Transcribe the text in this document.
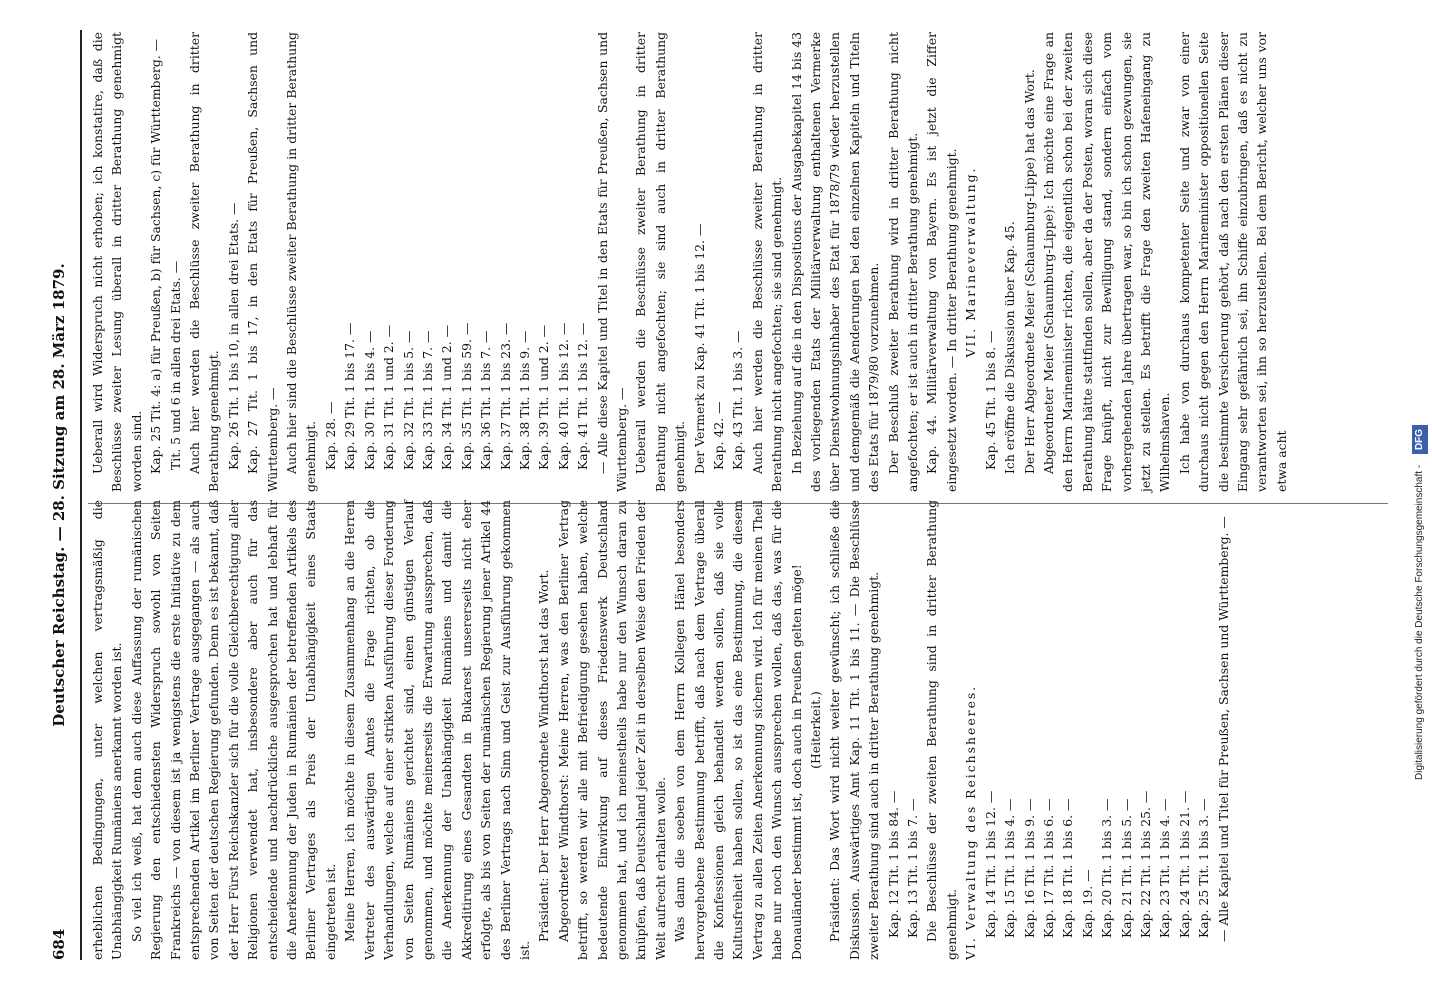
684
Deutscher Reichstag. — 28. Sitzung am 28. März 1879.

erheblichen Bedingungen, unter welchen vertragsmäßig die Unabhängigkeit Rumäniens anerkannt worden ist. So viel ich weiß, hat denn auch diese Auffassung der rumänischen Regierung den entschiedensten Widerspruch sowohl von Seiten Frankreichs — von diesem ist ja wenigstens die erste Initiative zu dem entsprechenden Artikel im Berliner Vertrage ausgegangen — als auch von Seiten der deutschen Regierung gefunden. Denn es ist bekannt, daß der Herr Fürst Reichskanzler sich für die volle Gleichberechtigung aller Religionen verwendet hat, insbesondere aber auch für das entscheidende und nachdrückliche ausgesprochen hat und lebhaft für die Anerkennung der Juden in Rumänien der betreffenden Artikels des Berliner Vertrages als Preis der Unabhängigkeit eines Staats eingetreten ist. Meine Herren, ich möchte in diesem Zusammenhang an die Herren Vertreter des auswärtigen Amtes die Frage richten, ob die Verhandlungen, welche auf einer strikten Ausführung dieser Forderung von Seiten Rumäniens gerichtet sind, einen günstigen Verlauf genommen, und möchte meinerseits die Erwartung aussprechen, daß die Anerkennung der Unabhängigkeit Rumäniens und damit die Akkreditirung eines Gesandten in Bukarest unsererseits nicht eher erfolgte, als bis von Seiten der rumänischen Regierung jener Artikel 44 des Berliner Vertrags nach Sinn und Geist zur Ausführung gekommen ist.

Präsident: Der Herr Abgeordnete Windthorst hat das Wort. Abgeordneter Windthorst: Meine Herren, was den Berliner Vertrag betrifft, so werden wir alle mit Befriedigung gesehen haben, welche bedeutende Einwirkung auf dieses Friedenswerk Deutschland genommen hat, und ich meinestheils habe nur den Wunsch daran zu knüpfen, daß Deutschland jeder Zeit in derselben Weise den Frieden der Welt aufrecht erhalten wolle. Was dann die soeben von dem Herrn Kollegen Hänel besonders hervorgehobene Bestimmung betrifft, daß nach dem Vertrage überall die Konfessionen gleich behandelt werden sollen, daß sie volle Kultusfreiheit haben sollen, so ist das eine Bestimmung, die diesem Vertrag zu allen Zeiten Anerkennung sichern wird. Ich für meinen Theil habe nur noch den Wunsch aussprechen wollen, daß das, was für die Donauländer bestimmt ist, doch auch in Preußen gelten möge! (Heiterkeit.) Präsident: Das Wort wird nicht weiter gewünscht; ich schließe die Diskussion. Auswärtiges Amt Kap. 11 Tit. 1 bis 11. — Die Beschlüsse zweiter Berathung sind auch in dritter Berathung genehmigt. Kap. 12 Tit. 1 bis 84. — Kap. 13 Tit. 1 bis 7. — Die Beschlüsse der zweiten Berathung sind in dritter Berathung genehmigt. VI. Verwaltung des Reichsheeres. Kap. 14 Tit. 1 bis 12. — Kap. 15 Tit. 1 bis 4. — Kap. 16 Tit. 1 bis 9. — Kap. 17 Tit. 1 bis 6. — Kap. 18 Tit. 1 bis 6. — Kap. 19. — Kap. 20 Tit. 1 bis 3. — Kap. 21 Tit. 1 bis 5. — Kap. 22 Tit. 1 bis 25. — Kap. 23 Tit. 1 bis 4. — Kap. 24 Tit. 1 bis 21. — Kap. 25 Tit. 1 bis 3. — — Alle Kapitel und Titel für Preußen, Sachsen und Württemberg. —

Ueberall wird Widerspruch nicht erhoben; ich konstatire, daß die Beschlüsse zweiter Lesung überall in dritter Berathung genehmigt worden sind. Kap. 25 Tit. 4: a) für Preußen, b) für Sachsen, c) für Württemberg. — Tit. 5 und 6 in allen drei Etats. — Auch hier werden die Beschlüsse zweiter Berathung in dritter Berathung genehmigt. Kap. 26 Tit. 1 bis 10, in allen drei Etats. — Kap. 27 Tit. 1 bis 17, in den Etats für Preußen, Sachsen und Württemberg. — Auch hier sind die Beschlüsse zweiter Berathung in dritter Berathung genehmigt. Kap. 28. — Kap. 29 Tit. 1 bis 17. — Kap. 30 Tit. 1 bis 4. — Kap. 31 Tit. 1 und 2. — Kap. 32 Tit. 1 bis 5. — Kap. 33 Tit. 1 bis 7. — Kap. 34 Tit. 1 und 2. — Kap. 35 Tit. 1 bis 59. — Kap. 36 Tit. 1 bis 7. — Kap. 37 Tit. 1 bis 23. — Kap. 38 Tit. 1 bis 9. — Kap. 39 Tit. 1 und 2. — Kap. 40 Tit. 1 bis 12. — Kap. 41 Tit. 1 bis 12. — — Alle diese Kapitel und Titel in den Etats für Preußen, Sachsen und Württemberg. — Ueberall werden die Beschlüsse zweiter Berathung in dritter Berathung nicht angefochten; sie sind auch in dritter Berathung genehmigt. Der Vermerk zu Kap. 41 Tit. 1 bis 12. — Kap. 42. — Kap. 43 Tit. 1 bis 3. — Auch hier werden die Beschlüsse zweiter Berathung in dritter Berathung nicht angefochten; sie sind genehmigt. In Beziehung auf die in den Dispositions der Ausgabekapitel 14 bis 43 des vorliegenden Etats der Militärverwaltung enthaltenen Vermerke über Dienstwohnungsinhaber des Etat für 1878/79 wieder herzustellen und demgemäß die Aenderungen bei den einzelnen Kapiteln und Titeln des Etats für 1879/80 vorzunehmen. Der Beschluß zweiter Berathung wird in dritter Berathung nicht angefochten; er ist auch in dritter Berathung genehmigt. Kap. 44. Militärverwaltung von Bayern. Es ist jetzt die Ziffer eingesetzt worden. — In dritter Berathung genehmigt. VII. Marineverwaltung.

Kap. 45 Tit. 1 bis 8. — Ich eröffne die Diskussion über Kap. 45. Der Herr Abgeordnete Meier (Schaumburg-Lippe) hat das Wort. Abgeordneter Meier (Schaumburg-Lippe): Ich möchte eine Frage an den Herrn Marineminister richten, die eigentlich schon bei der zweiten Berathung hätte stattfinden sollen, aber da der Posten, woran sich diese Frage knüpft, nicht zur Bewilligung stand, sondern einfach vom vorhergehenden Jahre übertragen war, so bin ich schon gezwungen, sie jetzt zu stellen. Es betrifft die Frage den zweiten Hafeneingang zu Wilhelmshaven. Ich habe von durchaus kompetenter Seite und zwar von einer durchaus nicht gegen den Herrn Marineminister oppositionellen Seite die bestimmte Versicherung gehört, daß nach den ersten Plänen dieser Eingang sehr gefährlich sei, ihn Schiffe einzubringen, daß es nicht zu verantworten sei, ihn so herzustellen. Bei dem Bericht, welcher uns vor etwa acht

Digitalisierung gefördert durch die Deutsche Forschungsgemeinschaft - DFG
